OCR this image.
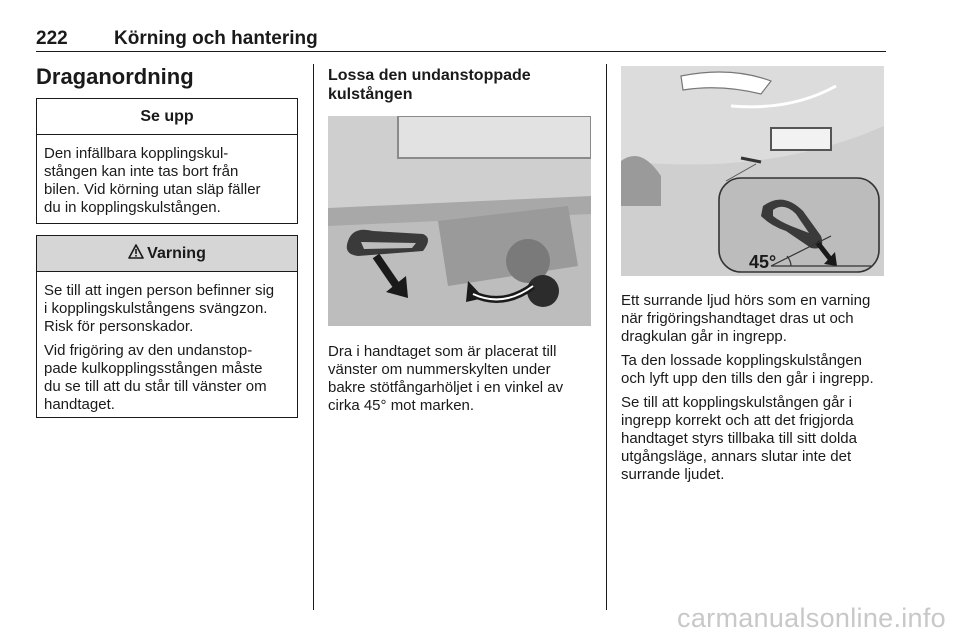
222 Körning och hantering
Draganordning
Se upp

Den infällbara kopplingskul-
stången kan inte tas bort från
bilen. Vid körning utan släp fäller
du in kopplingskulstången.

Varning

Se till att ingen person befinner sig
i kopplingskulstångens svängzon.
Risk för personskador.

Vid frigöring av den undanstop-
pade kulkopplingsstången måste
du se till att du står till vänster om
handtaget.

Lossa den undanstoppade
kulstången
Dra i handtaget som är placerat till
vänster om nummerskylten under
bakre stötfångarhöljet i en vinkel av
cirka 45° mot marken.
45°

Ett surrande ljud hörs som en varning
när frigöringshandtaget dras ut och
dragkulan går in ingrepp.

Ta den lossade kopplingskulstången
och lyft upp den tills den går i ingrepp.

Se till att kopplingskulstången går i
ingrepp korrekt och att det frigjorda
handtaget styrs tillbaka till sitt dolda
utgångsläge, annars slutar inte det
surrande ljudet.

carmanualsonline.info
